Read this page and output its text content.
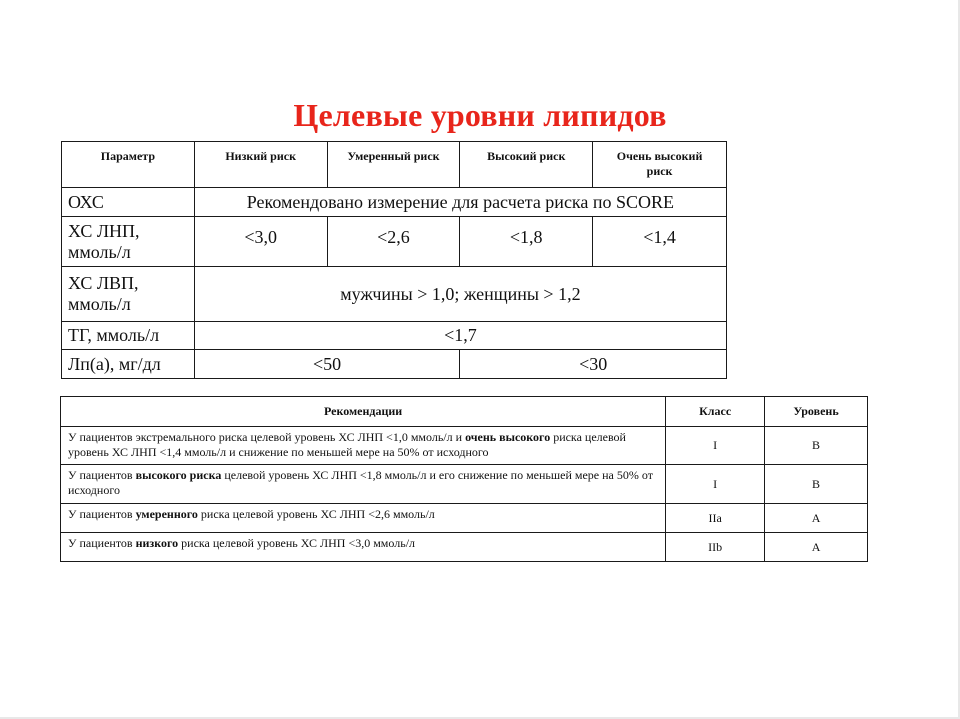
Целевые уровни липидов
Параметр	Низкий риск	Умеренный риск	Высокий риск	Очень высокий риск
ОХС	Рекомендовано измерение для расчета риска по SCORE			
ХС ЛНП, ммоль/л	<3,0	<2,6	<1,8	<1,4
ХС ЛВП, ммоль/л	мужчины > 1,0; женщины > 1,2			
ТГ, ммоль/л	<1,7			
Лп(а), мг/дл	<50		<30	
Рекомендации	Класс	Уровень
У пациентов экстремального риска целевой уровень ХС ЛНП <1,0 ммоль/л и очень высокого риска целевой уровень ХС ЛНП <1,4 ммоль/л и снижение по меньшей мере на 50% от исходного	I	B
У пациентов высокого риска целевой уровень ХС ЛНП <1,8 ммоль/л и его снижение по меньшей мере на 50% от исходного	I	B
У пациентов умеренного риска целевой уровень ХС ЛНП <2,6 ммоль/л	IIa	A
У пациентов низкого риска целевой уровень ХС ЛНП <3,0 ммоль/л	IIb	A
